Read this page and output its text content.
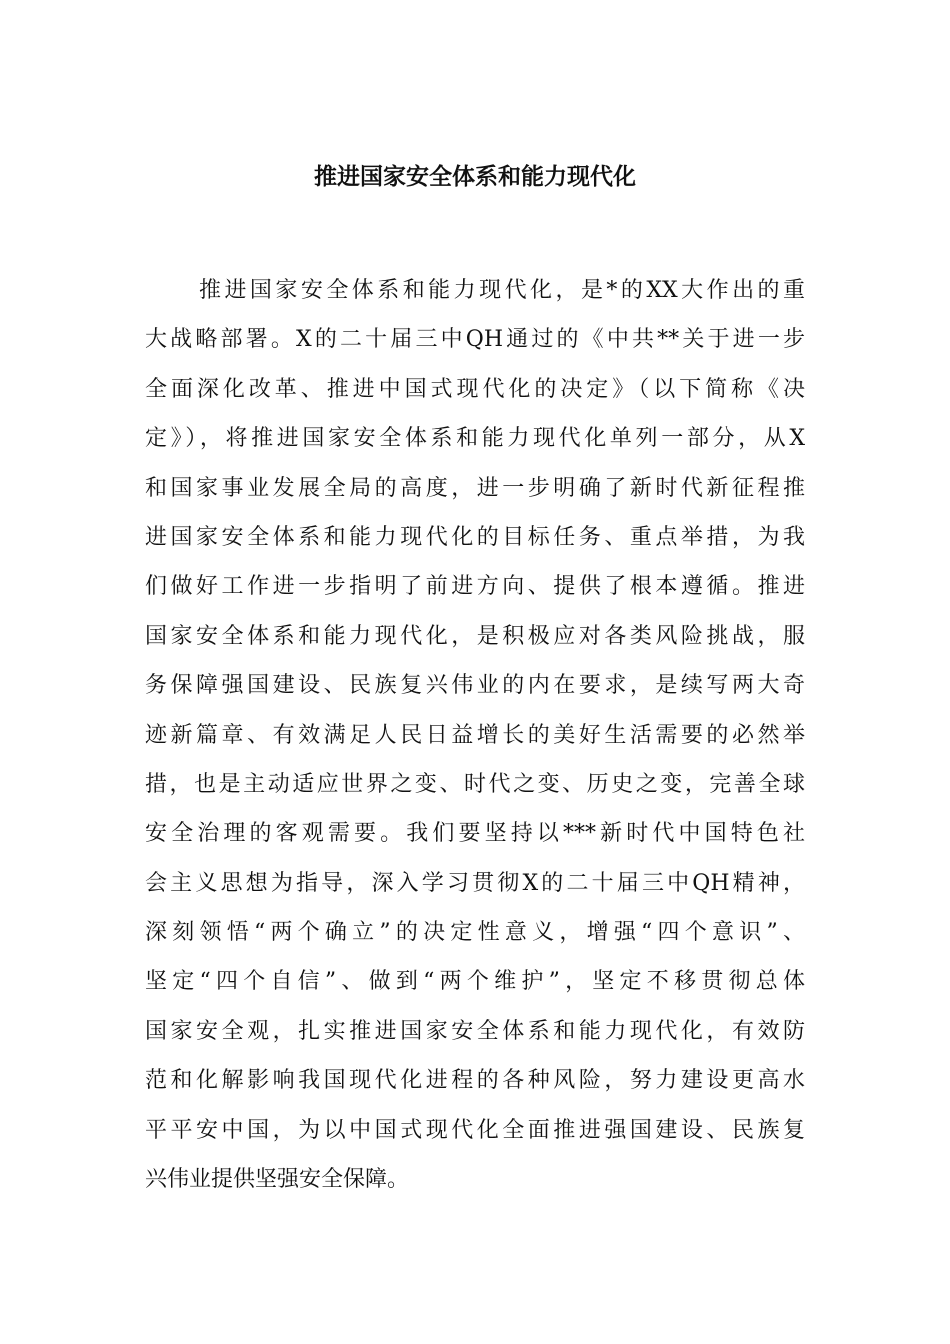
推进国家安全体系和能力现代化
推进国家安全体系和能力现代化，是*的XX大作出的重
大战略部署。X的二十届三中QH通过的《中共**关于进一步
全面深化改革、推进中国式现代化的决定》（以下简称《决
定》），将推进国家安全体系和能力现代化单列一部分，从X
和国家事业发展全局的高度，进一步明确了新时代新征程推
进国家安全体系和能力现代化的目标任务、重点举措，为我
们做好工作进一步指明了前进方向、提供了根本遵循。推进
国家安全体系和能力现代化，是积极应对各类风险挑战，服
务保障强国建设、民族复兴伟业的内在要求，是续写两大奇
迹新篇章、有效满足人民日益增长的美好生活需要的必然举
措，也是主动适应世界之变、时代之变、历史之变，完善全球
安全治理的客观需要。我们要坚持以***新时代中国特色社
会主义思想为指导，深入学习贯彻X的二十届三中QH精神，
深刻领悟“两个确立”的决定性意义，增强“四个意识”、
坚定“四个自信”、做到“两个维护”，坚定不移贯彻总体
国家安全观，扎实推进国家安全体系和能力现代化，有效防
范和化解影响我国现代化进程的各种风险，努力建设更高水
平平安中国，为以中国式现代化全面推进强国建设、民族复
兴伟业提供坚强安全保障。
